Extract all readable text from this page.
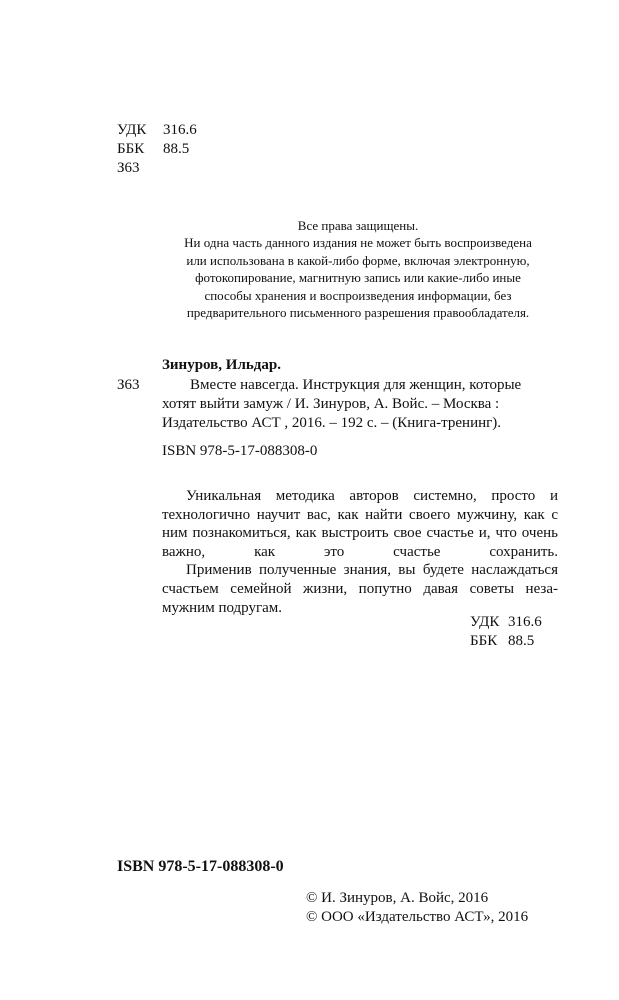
УДК 316.6
ББК 88.5
З63
Все права защищены.
Ни одна часть данного издания не может быть воспроизведена
или использована в какой-либо форме, включая электронную,
фотокопирование, магнитную запись или какие-либо иные
способы хранения и воспроизведения информации, без
предварительного письменного разрешения правообладателя.
Зинуров, Ильдар.
З63	Вместе навсегда. Инструкция для женщин, которые
хотят выйти замуж / И. Зинуров, А. Войс. – Москва :
Издательство АСТ , 2016. – 192 с. – (Книга-тренинг).
ISBN 978-5-17-088308-0

Уникальная методика авторов системно, просто и технологично научит вас, как найти своего мужчину, как с ним познакомиться, как выстроить свое счастье и, что очень важно, как это счастье сохранить.

Применив полученные знания, вы будете наслаждаться счастьем семейной жизни, попутно давая советы незамужним подругам.

УДК 316.6
ББК 88.5
ISBN 978-5-17-088308-0
© И. Зинуров, А. Войс, 2016
© ООО «Издательство АСТ», 2016
